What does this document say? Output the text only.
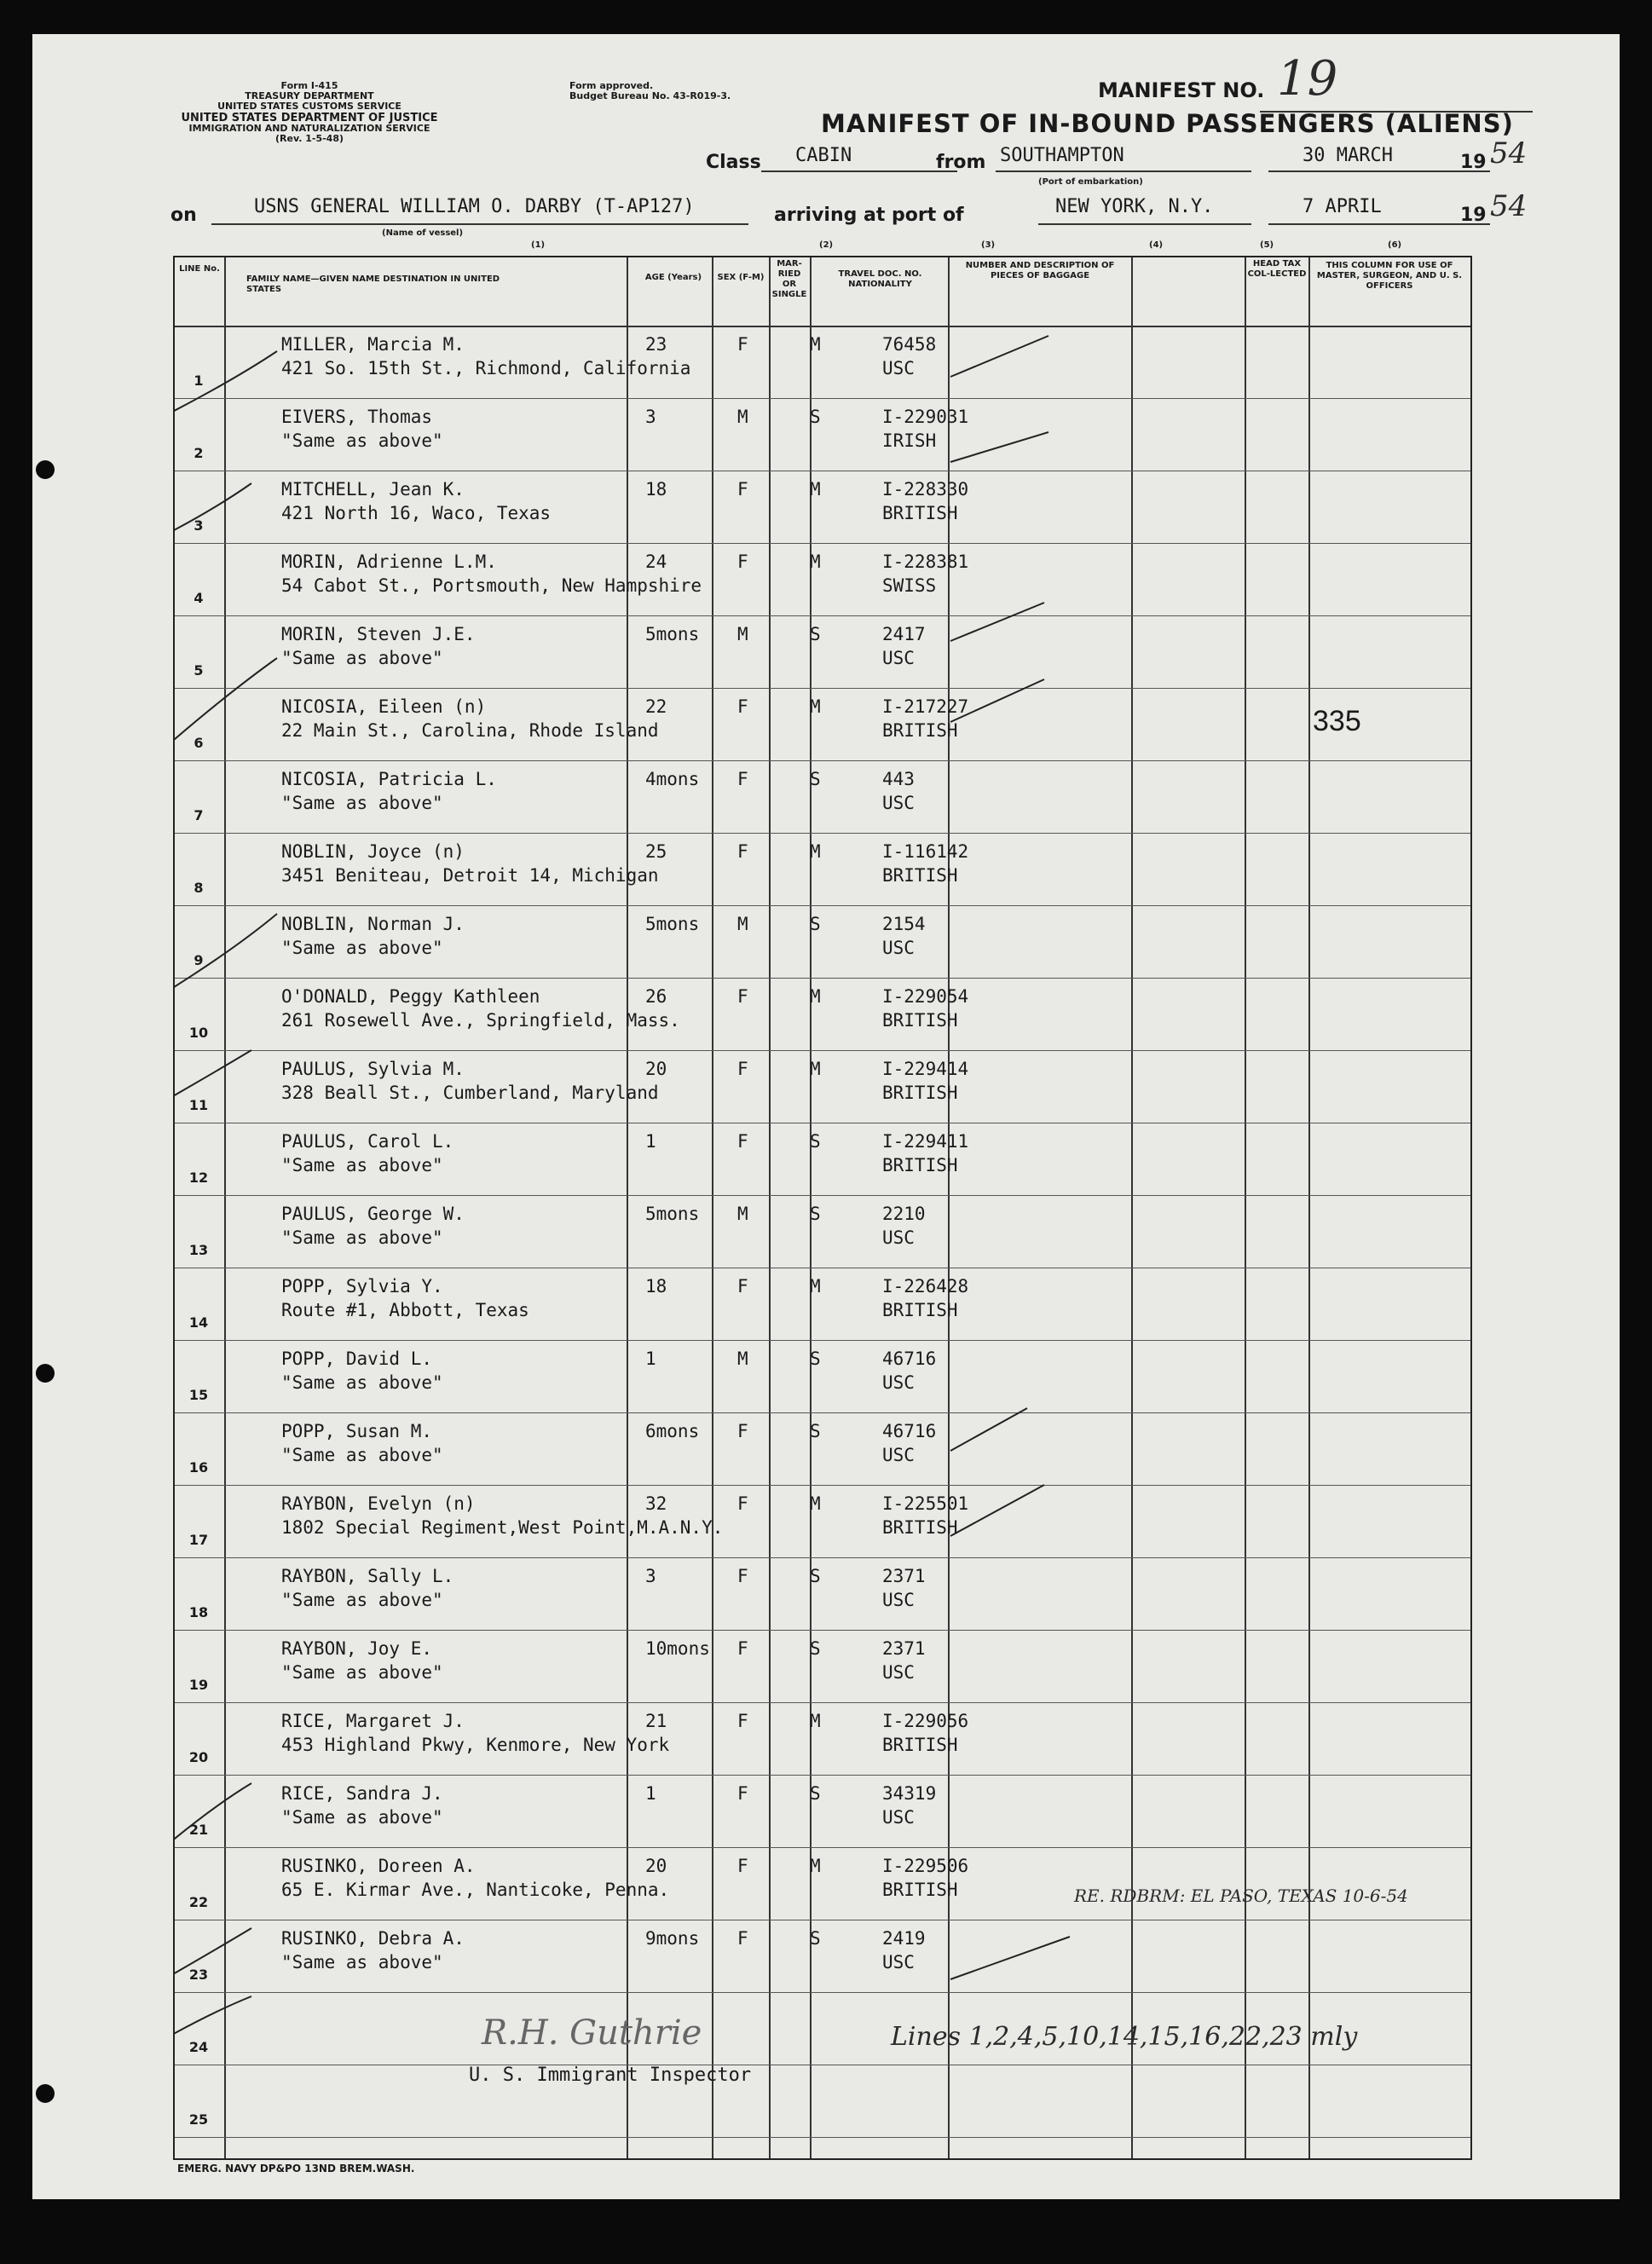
Form I-415
TREASURY DEPARTMENT
UNITED STATES CUSTOMS SERVICE
UNITED STATES DEPARTMENT OF JUSTICE
IMMIGRATION AND NATURALIZATION SERVICE
(Rev. 1-5-48)
Form approved.
Budget Bureau No. 43-R019-3.	MANIFEST NO. 19
MANIFEST OF IN-BOUND PASSENGERS (ALIENS)
Class CABIN	from SOUTHAMPTON
(Port of embarkation)
30 MARCH	19 54
on	USNS GENERAL WILLIAM O. DARBY (T-AP127)
(Name of vessel)
arriving at port of	NEW YORK, N.Y.	7 APRIL	19 54
(1)	(2)	(3)	(4)	(5)	(6)
LINE No.
FAMILY NAME—GIVEN NAME DESTINATION IN UNITED STATES
AGE (Years)	SEX (F-M)
MAR-RIED OR SINGLE
TRAVEL DOC. NO. NATIONALITY
NUMBER AND DESCRIPTION OF PIECES OF BAGGAGE
HEAD TAX COL-LECTED
THIS COLUMN FOR USE OF MASTER, SURGEON, AND U. S. OFFICERS
1
MILLER, Marcia M.
421 So. 15th St., Richmond, California
23	F	M	76458
USC
2
EIVERS, Thomas
"Same as above"
3	M	S	I-229031
IRISH
3
MITCHELL, Jean K.
421 North 16, Waco, Texas
18	F	M	I-228330
BRITISH
4
MORIN, Adrienne L.M.
54 Cabot St., Portsmouth, New Hampshire
24	F	M	I-228381
SWISS
5
MORIN, Steven J.E.
"Same as above"
5mons M	S	2417
USC
6
NICOSIA, Eileen (n)
22 Main St., Carolina, Rhode Island
22	F	M	I-217227
BRITISH
7
NICOSIA, Patricia L.
"Same as above"
4mons F	S	443
USC
8
NOBLIN, Joyce (n)
3451 Beniteau, Detroit 14, Michigan
25	F	M	I-116142
BRITISH
9
NOBLIN, Norman J.
"Same as above"
5mons M	S	2154
USC
10
O'DONALD, Peggy Kathleen
261 Rosewell Ave., Springfield, Mass.
26	F	M	I-229054
BRITISH
11
PAULUS, Sylvia M.
328 Beall St., Cumberland, Maryland
20	F	M	I-229414
BRITISH
12
PAULUS, Carol L.
"Same as above"
1	F	S	I-229411
BRITISH
13
PAULUS, George W.
"Same as above"
5mons M	S	2210
USC
14
POPP, Sylvia Y.
Route #1, Abbott, Texas
18	F	M	I-226428
BRITISH
15
POPP, David L.
"Same as above"
1	M	S	46716
USC
16
POPP, Susan M.
"Same as above"
6mons F	S	46716
USC
17
RAYBON, Evelyn (n)
1802 Special Regiment,West Point,M.A.N.Y.
32	F	M	I-225501
BRITISH
18
RAYBON, Sally L.
"Same as above"
3	F	S	2371
USC
19
RAYBON, Joy E.
"Same as above"
10mons F	S	2371
USC
20
RICE, Margaret J.
453 Highland Pkwy, Kenmore, New York
21	F	M	I-229056
BRITISH
21
RICE, Sandra J.
"Same as above"
1	F	S	34319
USC
22
RUSINKO, Doreen A.
65 E. Kirmar Ave., Nanticoke, Penna.
20	F	M	I-229506
BRITISH
23
RUSINKO, Debra A.
"Same as above"
9mons F	S	2419
USC
24
25
335
RE. RDBRM: EL PASO, TEXAS 10-6-54
Lines 1,2,4,5,10,14,15,16,22,23 mly
R.H. Guthrie
U. S. Immigrant Inspector
EMERG. NAVY DP&PO 13ND BREM.WASH.
